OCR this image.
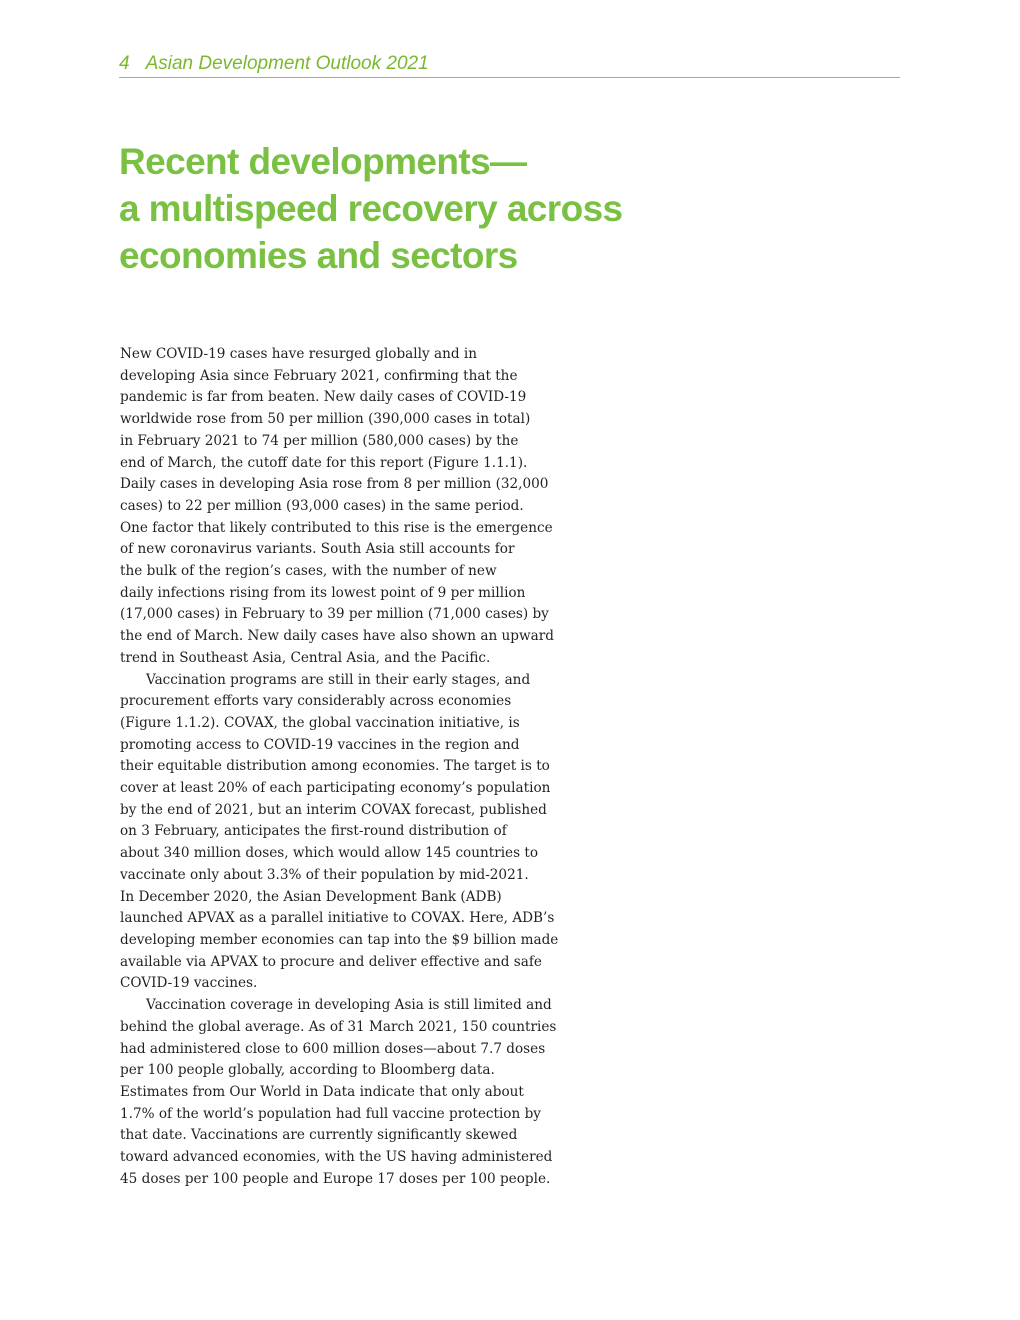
4 Asian Development Outlook 2021
Recent developments—
a multispeed recovery across
economies and sectors
New COVID-19 cases have resurged globally and in
developing Asia since February 2021, confirming that the
pandemic is far from beaten. New daily cases of COVID-19
worldwide rose from 50 per million (390,000 cases in total)
in February 2021 to 74 per million (580,000 cases) by the
end of March, the cutoff date for this report (Figure 1.1.1).
Daily cases in developing Asia rose from 8 per million (32,000
cases) to 22 per million (93,000 cases) in the same period.
One factor that likely contributed to this rise is the emergence
of new coronavirus variants. South Asia still accounts for
the bulk of the region’s cases, with the number of new
daily infections rising from its lowest point of 9 per million
(17,000 cases) in February to 39 per million (71,000 cases) by
the end of March. New daily cases have also shown an upward
trend in Southeast Asia, Central Asia, and the Pacific.
Vaccination programs are still in their early stages, and
procurement efforts vary considerably across economies
(Figure 1.1.2). COVAX, the global vaccination initiative, is
promoting access to COVID-19 vaccines in the region and
their equitable distribution among economies. The target is to
cover at least 20% of each participating economy’s population
by the end of 2021, but an interim COVAX forecast, published
on 3 February, anticipates the first-round distribution of
about 340 million doses, which would allow 145 countries to
vaccinate only about 3.3% of their population by mid-2021.
In December 2020, the Asian Development Bank (ADB)
launched APVAX as a parallel initiative to COVAX. Here, ADB’s
developing member economies can tap into the $9 billion made
available via APVAX to procure and deliver effective and safe
COVID-19 vaccines.
Vaccination coverage in developing Asia is still limited and
behind the global average. As of 31 March 2021, 150 countries
had administered close to 600 million doses—about 7.7 doses
per 100 people globally, according to Bloomberg data.
Estimates from Our World in Data indicate that only about
1.7% of the world’s population had full vaccine protection by
that date. Vaccinations are currently significantly skewed
toward advanced economies, with the US having administered
45 doses per 100 people and Europe 17 doses per 100 people.
